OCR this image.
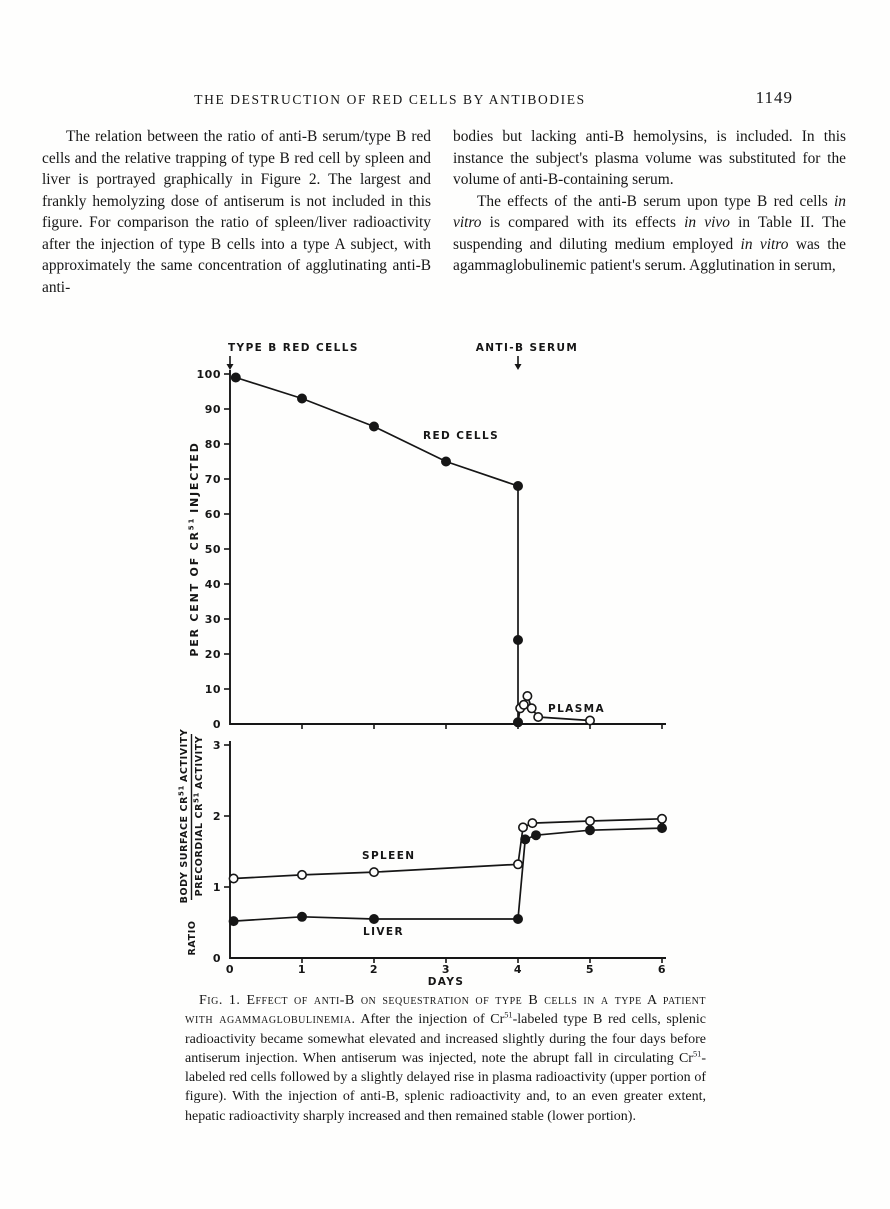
THE DESTRUCTION OF RED CELLS BY ANTIBODIES	1149

The relation between the ratio of anti-B serum/type B red cells and the relative trapping of type B red cell by spleen and liver is portrayed graphically in Figure 2. The largest and frankly hemolyzing dose of antiserum is not included in this figure. For comparison the ratio of spleen/liver radioactivity after the injection of type B cells into a type A subject, with approximately the same concentration of agglutinating anti-B anti-

bodies but lacking anti-B hemolysins, is included. In this instance the subject's plasma volume was substituted for the volume of anti-B-containing serum.

The effects of the anti-B serum upon type B red cells in vitro is compared with its effects in vivo in Table II. The suspending and diluting medium employed in vitro was the agammaglobulinemic patient's serum. Agglutination in serum,

PER CENT OF CR$^{51}$INJECTED
RATIO
BODY SURFACE CR$^{51}$ACTIVITY
PRECORDIAL CR$^{51}$ACTIVITY
0
10
20
30
40
50
60
70
80
90
100
RED CELLS
PLASMA
TYPE B RED CELLS	ANTI-B SERUM
0
1
2
3
0	1	2	3	4	5	6
DAYS
SPLEEN
LIVER

Fig. 1. Effect of anti-B on sequestration of type B cells in a type A patient with agammaglobulinemia. After the injection of Cr$^{51}$-labeled type B red cells, splenic radioactivity became somewhat elevated and increased slightly during the four days before antiserum injection. When antiserum was injected, note the abrupt fall in circulating Cr$^{51}$-labeled red cells followed by a slightly delayed rise in plasma radioactivity (upper portion of figure). With the injection of anti-B, splenic radioactivity and, to an even greater extent, hepatic radioactivity sharply increased and then remained stable (lower portion).
